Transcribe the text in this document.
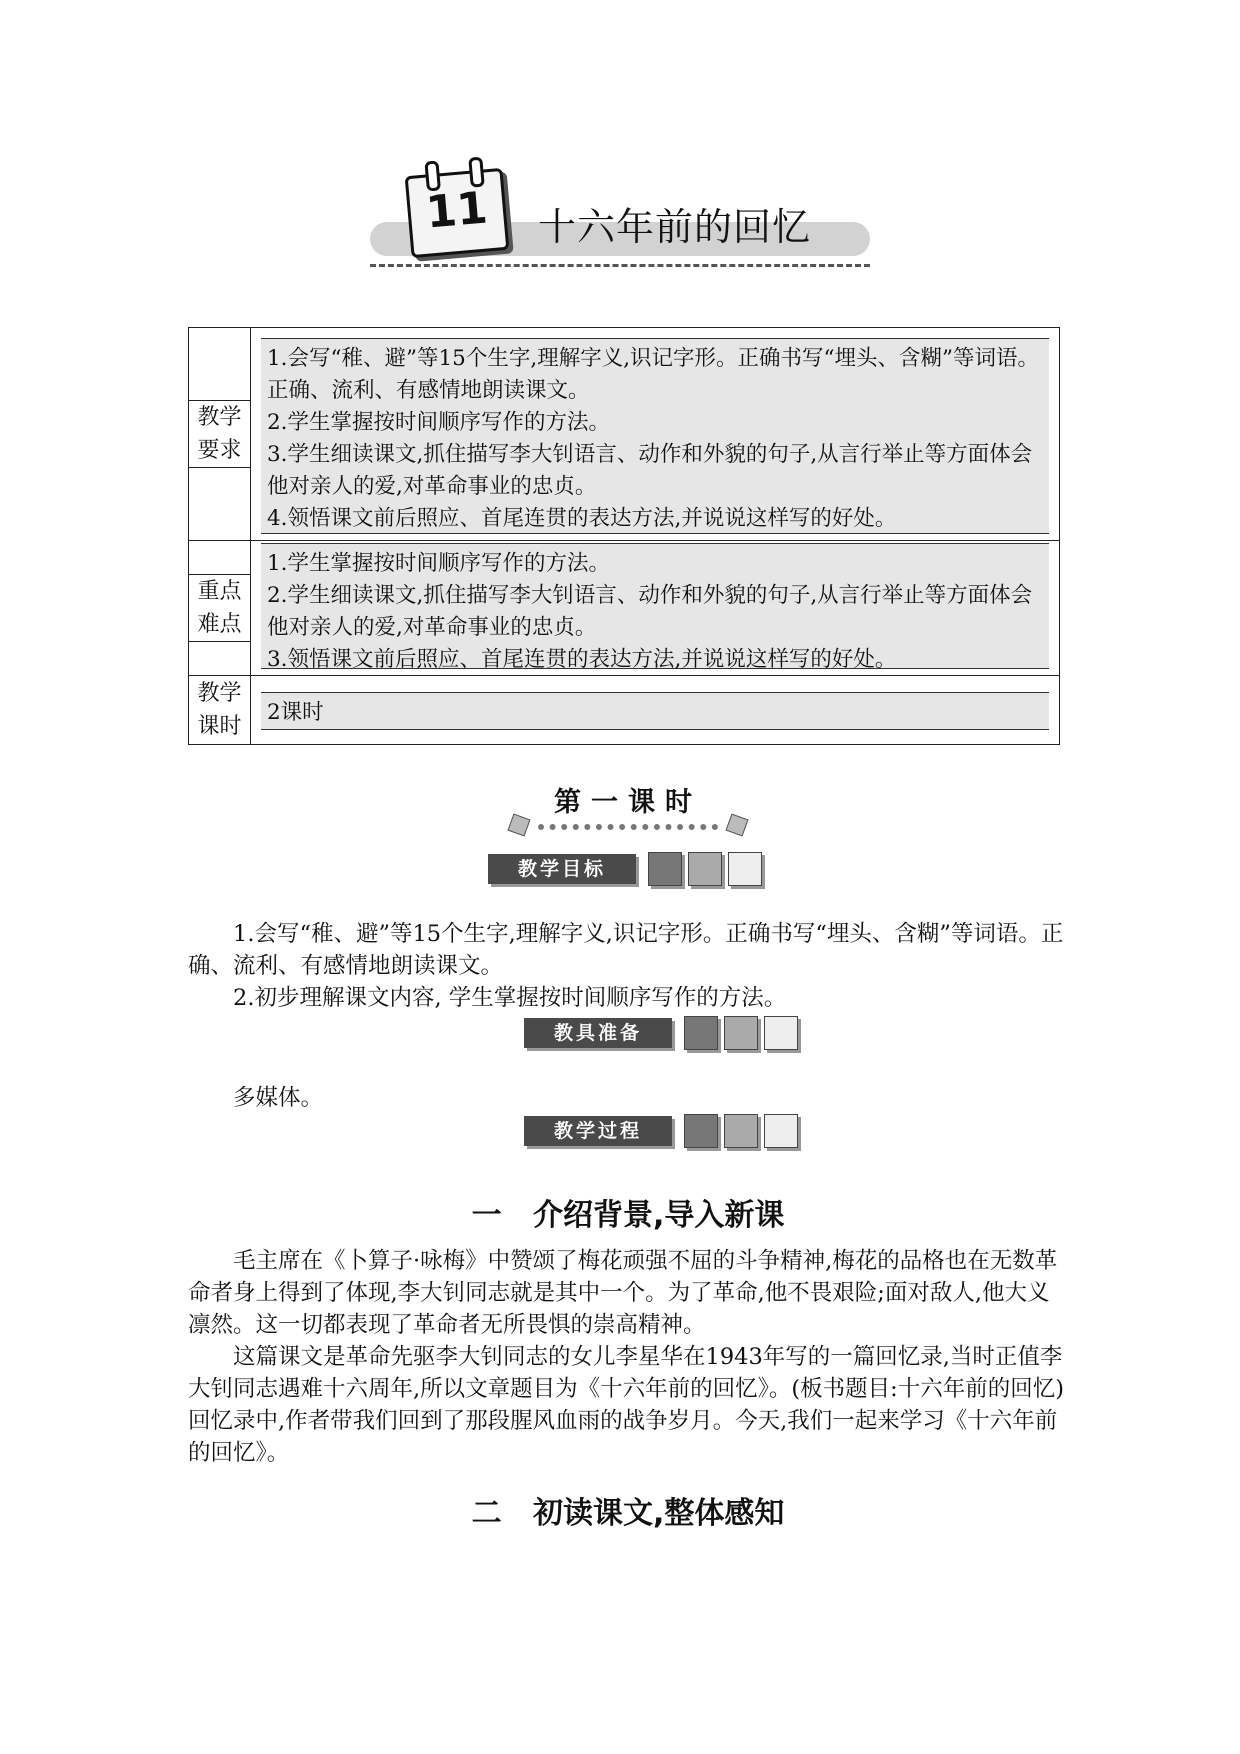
11	十六年前的回忆
教学
要求

1.会写“稚、避”等15个生字,理解字义,识记字形。正确书写“埋头、含糊”等词语。正确、流利、有感情地朗读课文。

2.学生掌握按时间顺序写作的方法。

3.学生细读课文,抓住描写李大钊语言、动作和外貌的句子,从言行举止等方面体会他对亲人的爱,对革命事业的忠贞。

4.领悟课文前后照应、首尾连贯的表达方法,并说说这样写的好处。

重点
难点

1.学生掌握按时间顺序写作的方法。

2.学生细读课文,抓住描写李大钊语言、动作和外貌的句子,从言行举止等方面体会他对亲人的爱,对革命事业的忠贞。

3.领悟课文前后照应、首尾连贯的表达方法,并说说这样写的好处。

教学
课时

2课时

第一课时
教学目标

1.会写“稚、避”等15个生字,理解字义,识记字形。正确书写“埋头、含糊”等词语。正确、流利、有感情地朗读课文。

2.初步理解课文内容, 学生掌握按时间顺序写作的方法。

教具准备

多媒体。

教学过程
一   介绍背景,导入新课

毛主席在《卜算子·咏梅》中赞颂了梅花顽强不屈的斗争精神,梅花的品格也在无数革命者身上得到了体现,李大钊同志就是其中一个。为了革命,他不畏艰险;面对敌人,他大义凛然。这一切都表现了革命者无所畏惧的崇高精神。

这篇课文是革命先驱李大钊同志的女儿李星华在1943年写的一篇回忆录,当时正值李大钊同志遇难十六周年,所以文章题目为《十六年前的回忆》。(板书题目:十六年前的回忆)回忆录中,作者带我们回到了那段腥风血雨的战争岁月。今天,我们一起来学习《十六年前的回忆》。

二   初读课文,整体感知
